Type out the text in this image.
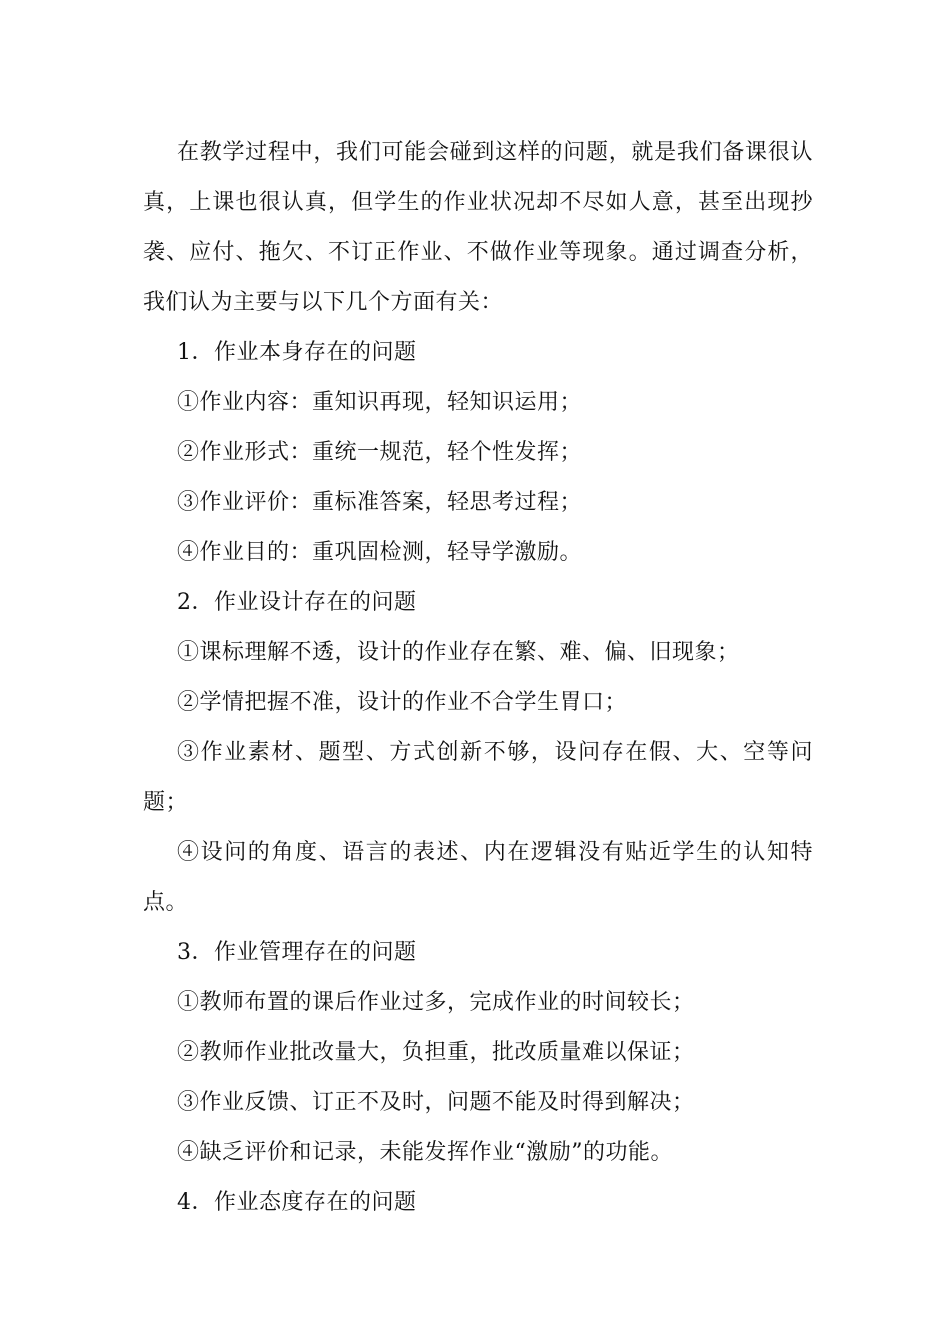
在教学过程中，我们可能会碰到这样的问题，就是我们备课很认真，上课也很认真，但学生的作业状况却不尽如人意，甚至出现抄袭、应付、拖欠、不订正作业、不做作业等现象。通过调查分析，我们认为主要与以下几个方面有关：

1．作业本身存在的问题

①作业内容：重知识再现，轻知识运用；

②作业形式：重统一规范，轻个性发挥；

③作业评价：重标准答案，轻思考过程；

④作业目的：重巩固检测，轻导学激励。

2．作业设计存在的问题

①课标理解不透，设计的作业存在繁、难、偏、旧现象；

②学情把握不准，设计的作业不合学生胃口；

③作业素材、题型、方式创新不够，设问存在假、大、空等问题；

④设问的角度、语言的表述、内在逻辑没有贴近学生的认知特点。

3．作业管理存在的问题

①教师布置的课后作业过多，完成作业的时间较长；

②教师作业批改量大，负担重，批改质量难以保证；

③作业反馈、订正不及时，问题不能及时得到解决；

④缺乏评价和记录，未能发挥作业“激励”的功能。

4．作业态度存在的问题
